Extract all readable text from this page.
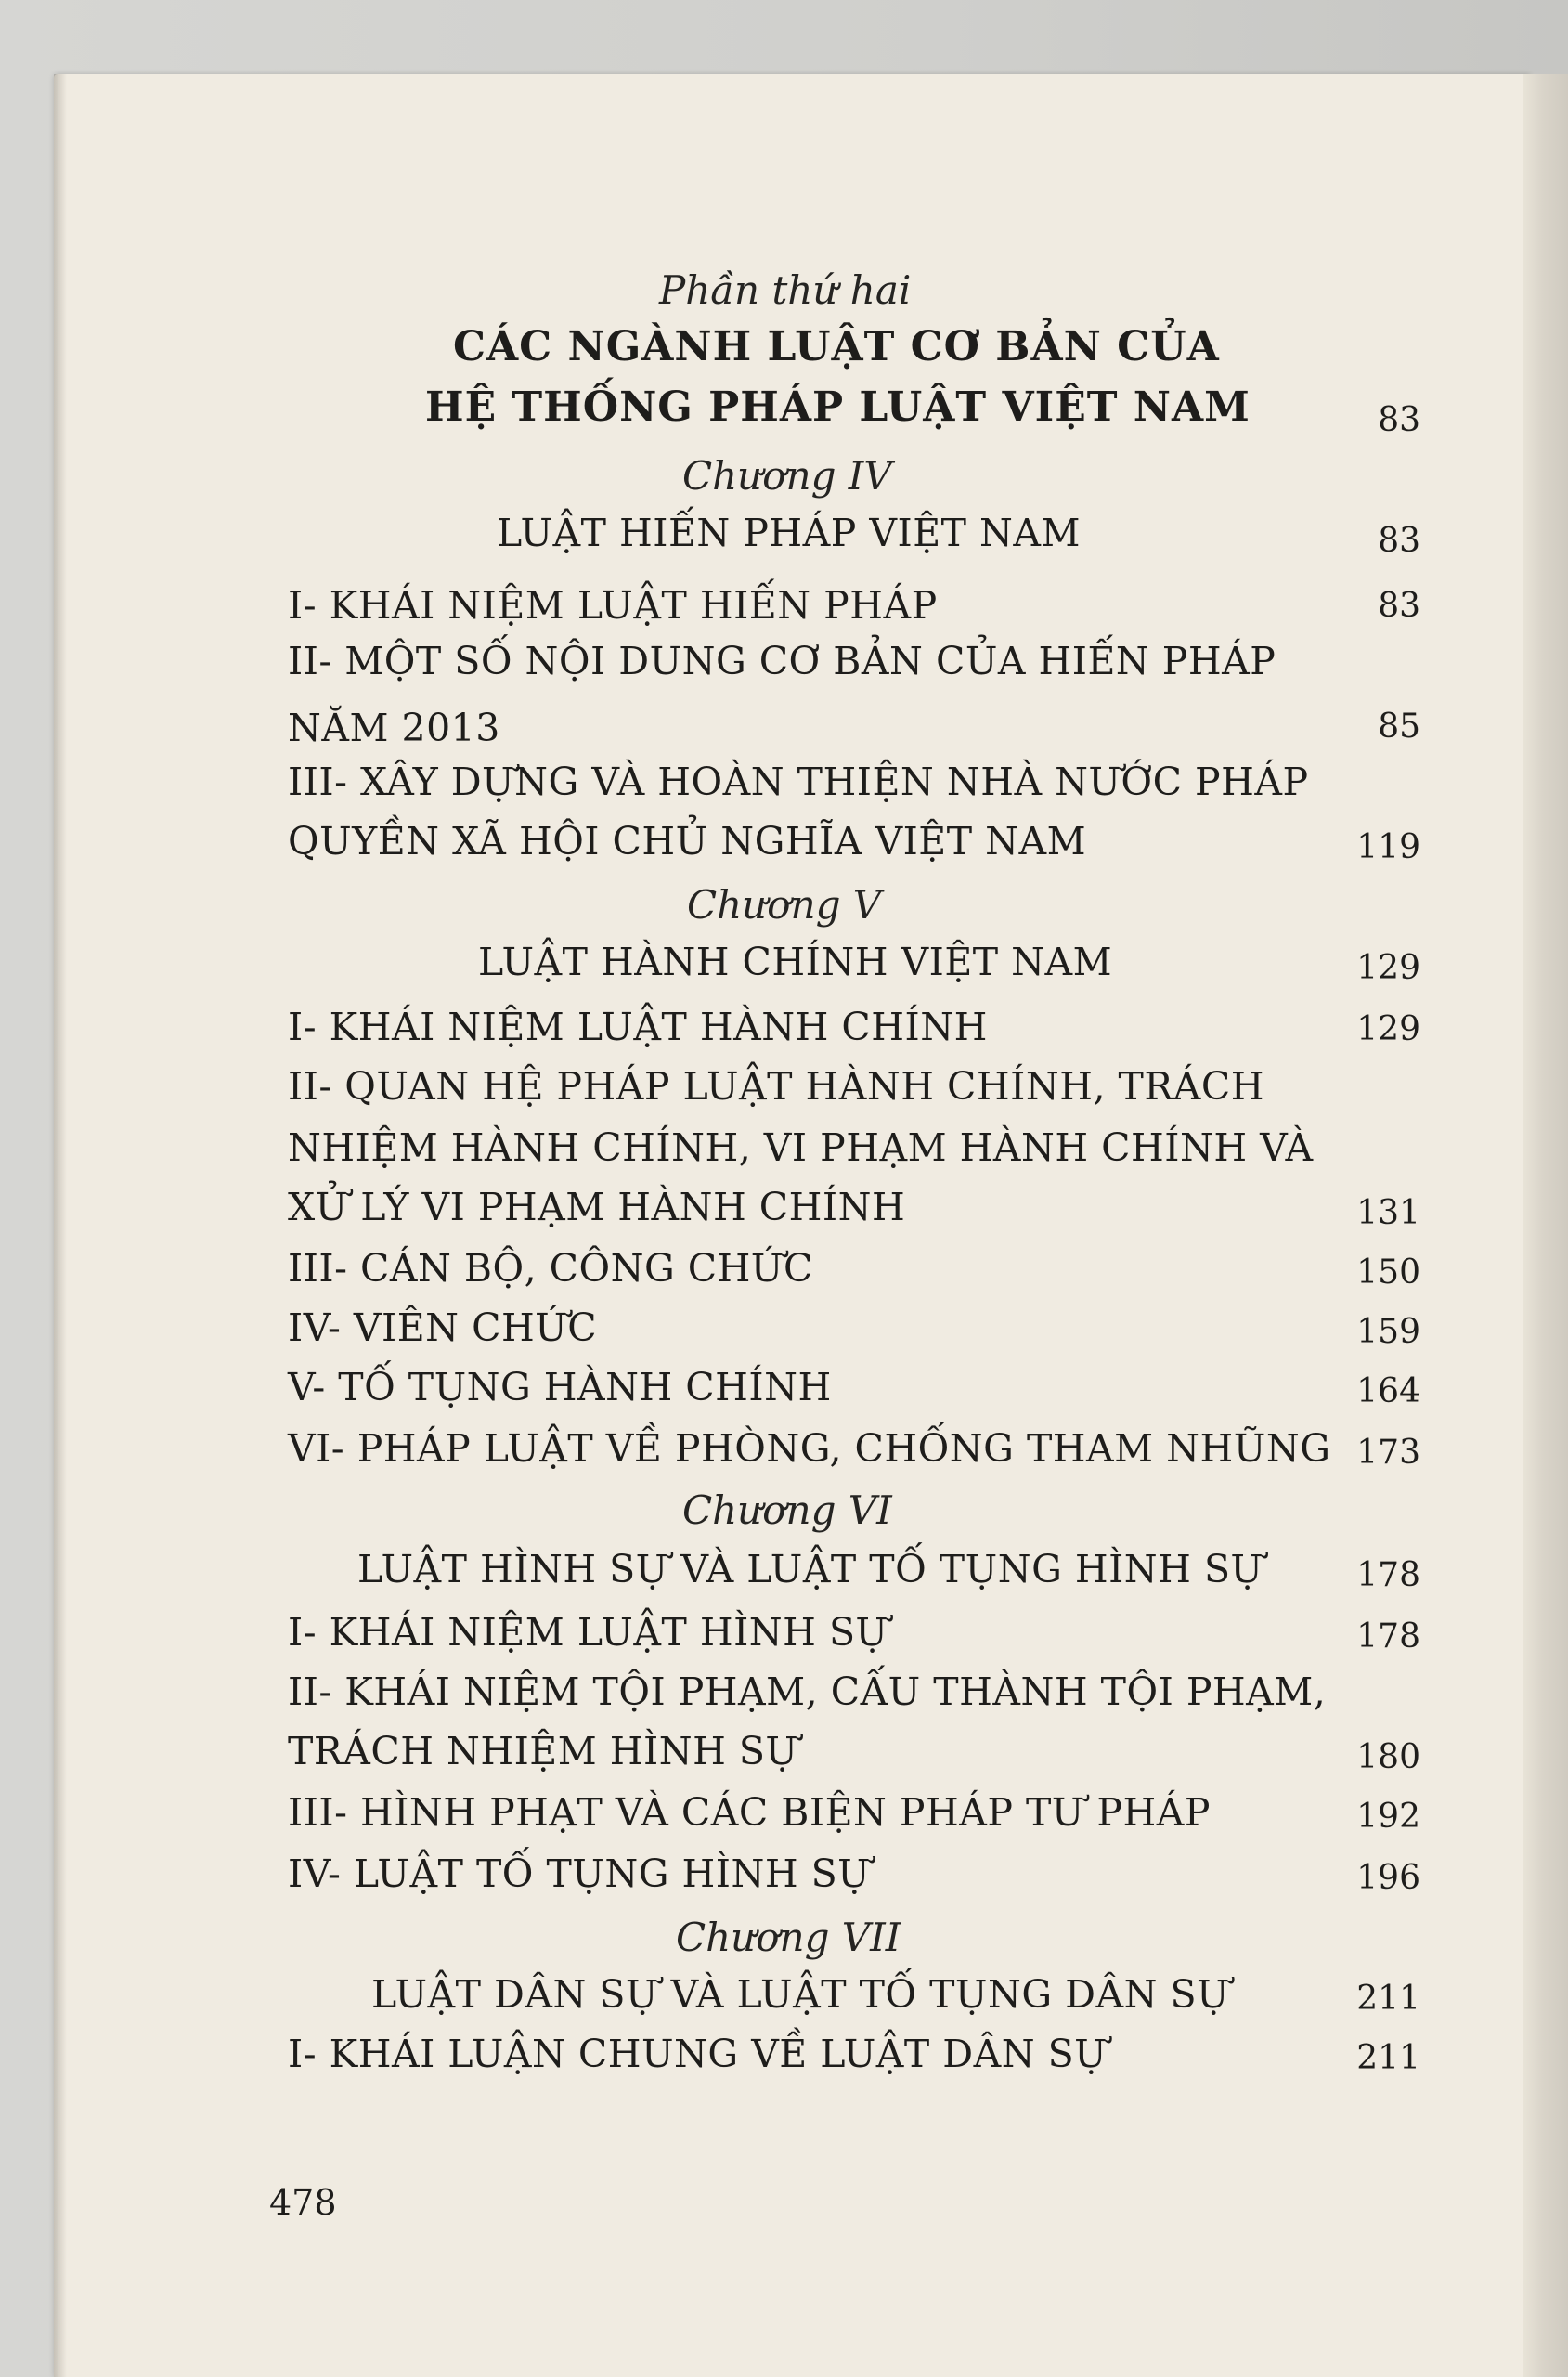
Phần thứ hai

CÁC NGÀNH LUẬT CƠ BẢN CỦA

HỆ THỐNG PHÁP LUẬT VIỆT NAM	83

Chương IV

LUẬT HIẾN PHÁP VIỆT NAM	83

I- KHÁI NIỆM LUẬT HIẾN PHÁP	83

II- MỘT SỐ NỘI DUNG CƠ BẢN CỦA HIẾN PHÁP

NĂM 2013	85

III- XÂY DỰNG VÀ HOÀN THIỆN NHÀ NƯỚC PHÁP

QUYỀN XÃ HỘI CHỦ NGHĨA VIỆT NAM	119

Chương V

LUẬT HÀNH CHÍNH VIỆT NAM	129

I- KHÁI NIỆM LUẬT HÀNH CHÍNH	129

II- QUAN HỆ PHÁP LUẬT HÀNH CHÍNH, TRÁCH

NHIỆM HÀNH CHÍNH, VI PHẠM HÀNH CHÍNH VÀ

XỬ LÝ VI PHẠM HÀNH CHÍNH	131

III- CÁN BỘ, CÔNG CHỨC	150

IV- VIÊN CHỨC	159

V- TỐ TỤNG HÀNH CHÍNH	164

VI- PHÁP LUẬT VỀ PHÒNG, CHỐNG THAM NHŨNG 173

Chương VI

LUẬT HÌNH SỰ VÀ LUẬT TỐ TỤNG HÌNH SỰ	178

I- KHÁI NIỆM LUẬT HÌNH SỰ	178

II- KHÁI NIỆM TỘI PHẠM, CẤU THÀNH TỘI PHẠM,

TRÁCH NHIỆM HÌNH SỰ	180

III- HÌNH PHẠT VÀ CÁC BIỆN PHÁP TƯ PHÁP	192

IV- LUẬT TỐ TỤNG HÌNH SỰ	196

Chương VII

LUẬT DÂN SỰ VÀ LUẬT TỐ TỤNG DÂN SỰ	211

I- KHÁI LUẬN CHUNG VỀ LUẬT DÂN SỰ	211

478
